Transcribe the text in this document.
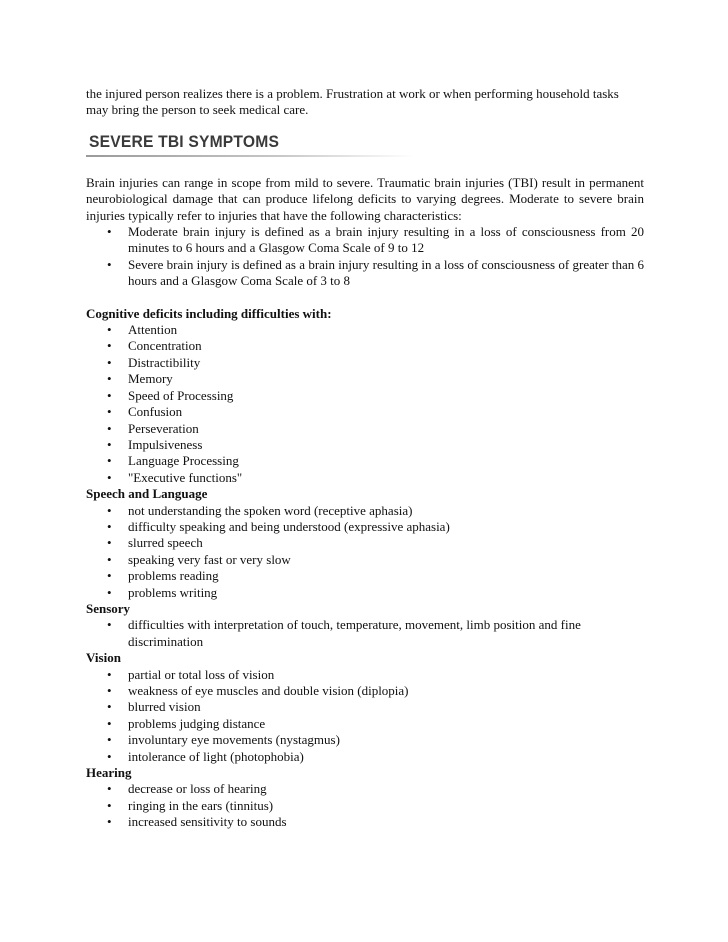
the injured person realizes there is a problem. Frustration at work or when performing household tasks may bring the person to seek medical care.

SEVERE TBI SYMPTOMS

Brain injuries can range in scope from mild to severe. Traumatic brain injuries (TBI) result in permanent neurobiological damage that can produce lifelong deficits to varying degrees. Moderate to severe brain injuries typically refer to injuries that have the following characteristics:

• Moderate brain injury is defined as a brain injury resulting in a loss of consciousness from 20 minutes to 6 hours and a Glasgow Coma Scale of 9 to 12
• Severe brain injury is defined as a brain injury resulting in a loss of consciousness of greater than 6 hours and a Glasgow Coma Scale of 3 to 8
Cognitive deficits including difficulties with:
• Attention
• Concentration
• Distractibility
• Memory
• Speed of Processing
• Confusion
• Perseveration
• Impulsiveness
• Language Processing
• "Executive functions"
Speech and Language
• not understanding the spoken word (receptive aphasia)
• difficulty speaking and being understood (expressive aphasia)
• slurred speech
• speaking very fast or very slow
• problems reading
• problems writing
Sensory
• difficulties with interpretation of touch, temperature, movement, limb position and fine discrimination
Vision
• partial or total loss of vision
• weakness of eye muscles and double vision (diplopia)
• blurred vision
• problems judging distance
• involuntary eye movements (nystagmus)
• intolerance of light (photophobia)
Hearing
• decrease or loss of hearing
• ringing in the ears (tinnitus)
• increased sensitivity to sounds
